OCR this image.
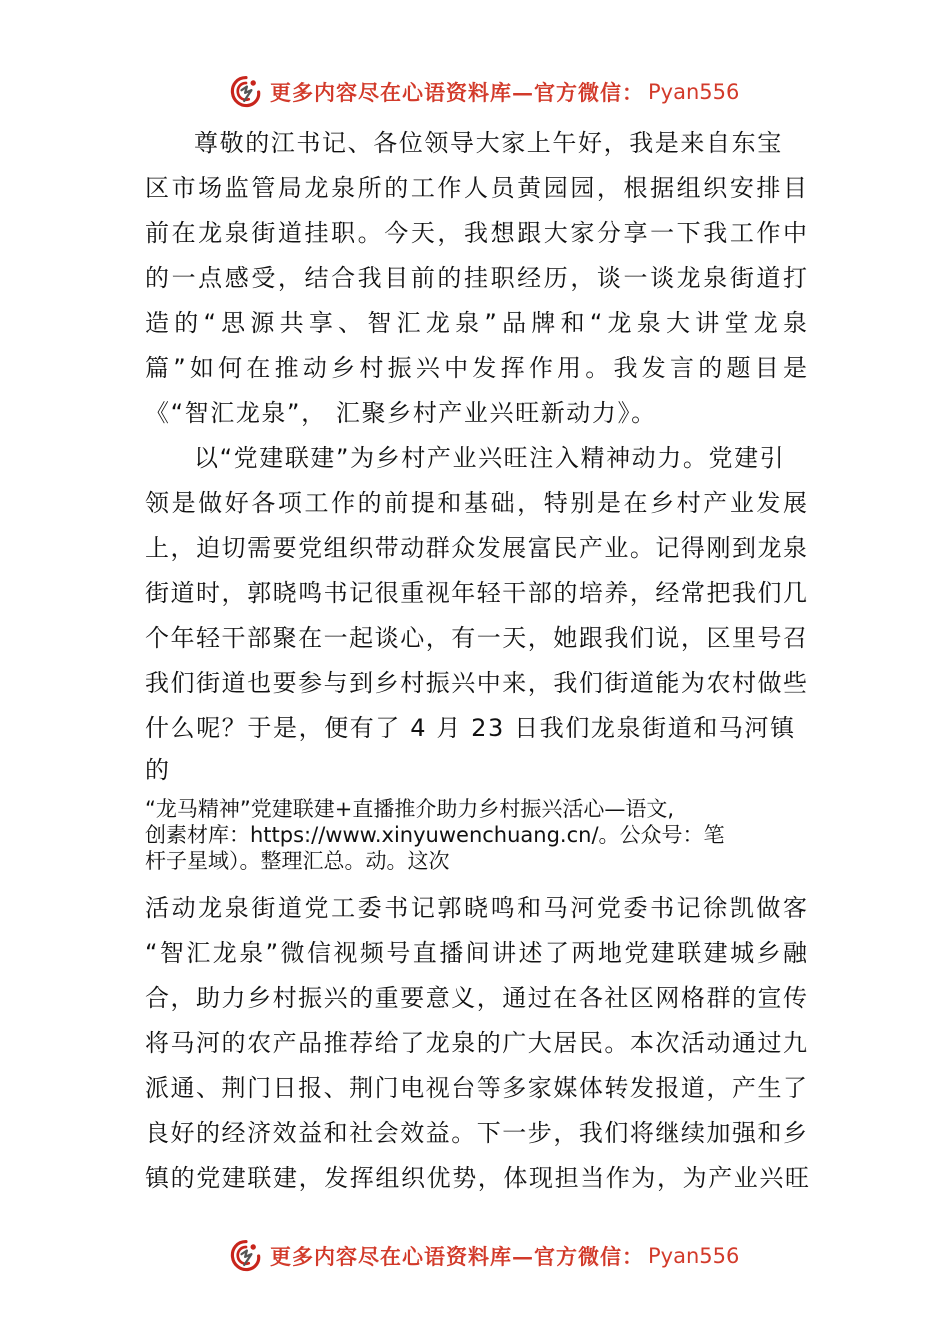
更多内容尽在心语资料库—官方微信： Pyan556
尊敬的江书记、各位领导大家上午好，我是来自东宝
区市场监管局龙泉所的工作人员黄园园，根据组织安排目
前在龙泉街道挂职。今天，我想跟大家分享一下我工作中
的一点感受，结合我目前的挂职经历，谈一谈龙泉街道打
造的“思源共享、智汇龙泉”品牌和“龙泉大讲堂龙泉
篇”如何在推动乡村振兴中发挥作用。我发言的题目是
《“智汇龙泉”， 汇聚乡村产业兴旺新动力》。
以“党建联建”为乡村产业兴旺注入精神动力。党建引
领是做好各项工作的前提和基础，特别是在乡村产业发展
上，迫切需要党组织带动群众发展富民产业。记得刚到龙泉
街道时，郭晓鸣书记很重视年轻干部的培养，经常把我们几
个年轻干部聚在一起谈心，有一天，她跟我们说，区里号召
我们街道也要参与到乡村振兴中来，我们街道能为农村做些
什么呢？于是，便有了 4 月 23 日我们龙泉街道和马河镇
的
“龙马精神”党建联建+直播推介助力乡村振兴活心—语文,
创素材库：https://www.xinyuwenchuang.cn/。公众号：笔
杆子星域）。整理汇总。动。这次
活动龙泉街道党工委书记郭晓鸣和马河党委书记徐凯做客
“智汇龙泉”微信视频号直播间讲述了两地党建联建城乡融
合，助力乡村振兴的重要意义，通过在各社区网格群的宣传
将马河的农产品推荐给了龙泉的广大居民。本次活动通过九
派通、荆门日报、荆门电视台等多家媒体转发报道，产生了
良好的经济效益和社会效益。下一步，我们将继续加强和乡
镇的党建联建，发挥组织优势，体现担当作为，为产业兴旺
更多内容尽在心语资料库—官方微信： Pyan556
